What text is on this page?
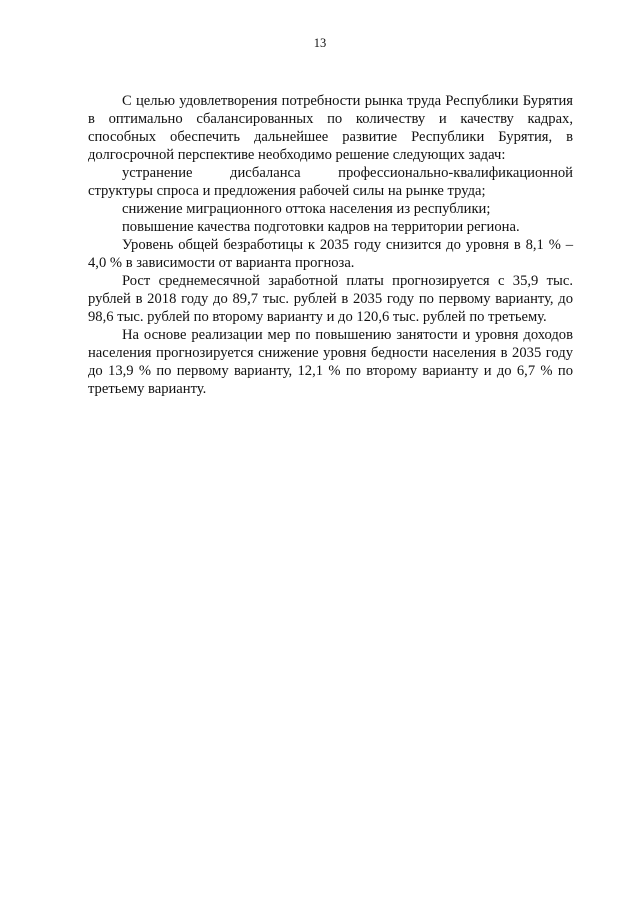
13

С целью удовлетворения потребности рынка труда Республики Бурятия в оптимально сбалансированных по количеству и качеству кадрах, способных обеспечить дальнейшее развитие Республики Бурятия, в долгосрочной перспективе необходимо решение следующих задач:

устранение дисбаланса профессионально-квалификационной структуры спроса и предложения рабочей силы на рынке труда;

снижение миграционного оттока населения из республики;

повышение качества подготовки кадров на территории региона.

Уровень общей безработицы к 2035 году снизится до уровня в 8,1 % – 4,0 % в зависимости от варианта прогноза.

Рост среднемесячной заработной платы прогнозируется с 35,9 тыс. рублей в 2018 году до 89,7 тыс. рублей в 2035 году по первому варианту, до 98,6 тыс. рублей по второму варианту и до 120,6 тыс. рублей по третьему.

На основе реализации мер по повышению занятости и уровня доходов населения прогнозируется снижение уровня бедности населения в 2035 году до 13,9 % по первому варианту, 12,1 % по второму варианту и до 6,7 % по третьему варианту.
